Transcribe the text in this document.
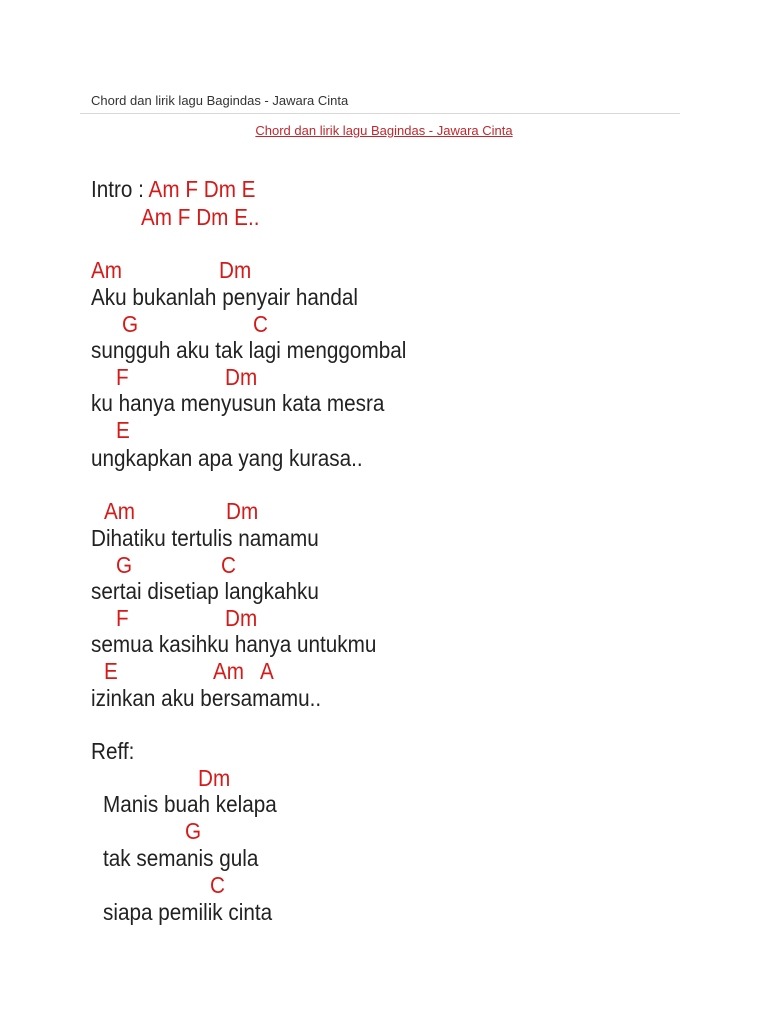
Chord dan lirik lagu Bagindas - Jawara Cinta
Chord dan lirik lagu Bagindas - Jawara Cinta
Intro : Am F Dm E
Am F Dm E..
Am	Dm
Aku bukanlah penyair handal
G	C
sungguh aku tak lagi menggombal
F	Dm
ku hanya menyusun kata mesra
E
ungkapkan apa yang kurasa..
Am	Dm
Dihatiku tertulis namamu
G	C
sertai disetiap langkahku
F	Dm
semua kasihku hanya untukmu
E	Am A
izinkan aku bersamamu..
Reff:
Dm
Manis buah kelapa
G
tak semanis gula
C
siapa pemilik cinta
